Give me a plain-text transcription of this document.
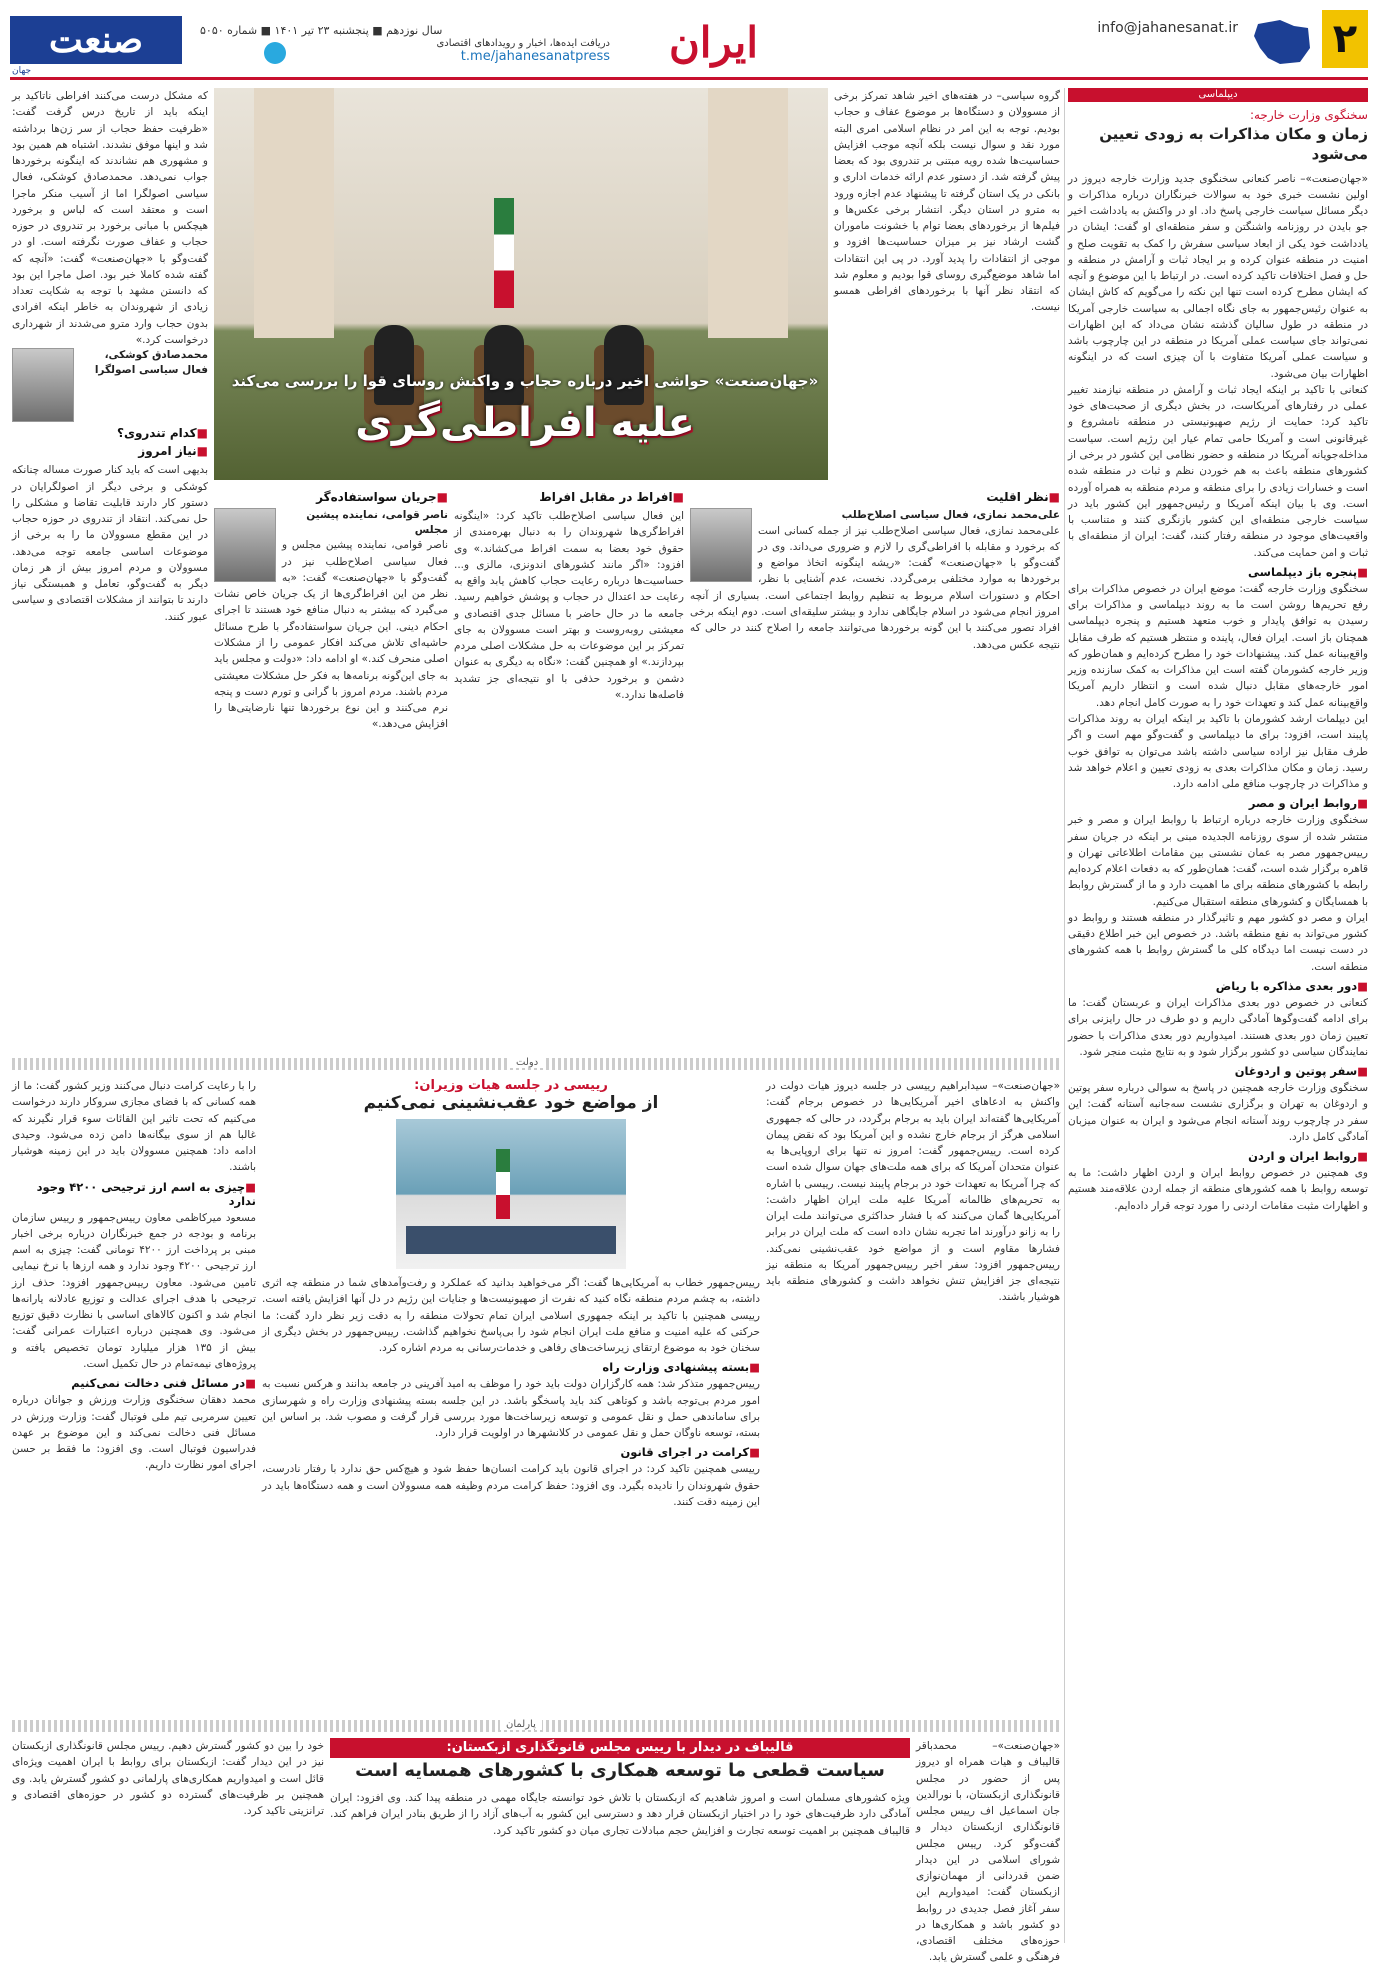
۲
info@jahanesanat.ir
ایران
دریافت ایده‌ها، اخبار و رویدادهای اقتصادی
t.me/jahanesanatpress
سال نوزدهم ■ پنجشنبه ۲۳ تیر ۱۴۰۱ ■ شماره ۵۰۵۰
صنعت
جهان
دیپلماسی
سخنگوی وزارت خارجه:
زمان و مکان مذاکرات به زودی تعیین می‌شود

«جهان‌صنعت»– ناصر کنعانی سخنگوی جدید وزارت خارجه دیروز در اولین نشست خبری خود به سوالات خبرنگاران درباره مذاکرات و دیگر مسائل سیاست خارجی پاسخ داد. او در واکنش به یادداشت اخیر جو بایدن در روزنامه واشنگتن و سفر منطقه‌ای او گفت: ایشان در یادداشت خود یکی از ابعاد سیاسی سفرش را کمک به تقویت صلح و امنیت در منطقه عنوان کرده و بر ایجاد ثبات و آرامش در منطقه و حل و فصل اختلافات تاکید کرده است. در ارتباط با این موضوع و آنچه که ایشان مطرح کرده است تنها این نکته را می‌گویم که کاش ایشان به عنوان رئیس‌جمهور به جای نگاه اجمالی به سیاست خارجی آمریکا در منطقه در طول سالیان گذشته نشان می‌داد که این اظهارات نمی‌تواند جای سیاست عملی آمریکا در منطقه در این چارچوب باشد و سیاست عملی آمریکا متفاوت با آن چیزی است که در اینگونه اظهارات بیان می‌شود.

کنعانی با تاکید بر اینکه ایجاد ثبات و آرامش در منطقه نیازمند تغییر عملی در رفتارهای آمریکاست، در بخش دیگری از صحبت‌های خود تاکید کرد: حمایت از رژیم صهیونیستی در منطقه نامشروع و غیرقانونی است و آمریکا حامی تمام عیار این رژیم است. سیاست مداخله‌جویانه آمریکا در منطقه و حضور نظامی این کشور در برخی از کشورهای منطقه باعث به هم خوردن نظم و ثبات در منطقه شده است و خسارات زیادی را برای منطقه و مردم منطقه به همراه آورده است. وی با بیان اینکه آمریکا و رئیس‌جمهور این کشور باید در سیاست خارجی منطقه‌ای این کشور بازنگری کنند و متناسب با واقعیت‌های موجود در منطقه رفتار کنند، گفت: ایران از منطقه‌ای با ثبات و امن حمایت می‌کند.

■ پنجره باز دیپلماسی

سخنگوی وزارت خارجه گفت: موضع ایران در خصوص مذاکرات برای رفع تحریم‌ها روشن است ما به روند دیپلماسی و مذاکرات برای رسیدن به توافق پایدار و خوب متعهد هستیم و پنجره دیپلماسی همچنان باز است. ایران فعال، پاینده و منتظر هستیم که طرف مقابل واقع‌بینانه عمل کند. پیشنهادات خود را مطرح کرده‌ایم و همان‌طور که وزیر خارجه کشورمان گفته است این مذاکرات به کمک سازنده وزیر امور خارجه‌های مقابل دنبال شده است و انتظار داریم آمریکا واقع‌بینانه عمل کند و تعهدات خود را به صورت کامل انجام دهد.

این دیپلمات ارشد کشورمان با تاکید بر اینکه ایران به روند مذاکرات پایبند است، افزود: برای ما دیپلماسی و گفت‌وگو مهم است و اگر طرف مقابل نیز اراده سیاسی داشته باشد می‌توان به توافق خوب رسید. زمان و مکان مذاکرات بعدی به زودی تعیین و اعلام خواهد شد و مذاکرات در چارچوب منافع ملی ادامه دارد.

■ روابط ایران و مصر

سخنگوی وزارت خارجه درباره ارتباط با روابط ایران و مصر و خبر منتشر شده از سوی روزنامه الجدیده مبنی بر اینکه در جریان سفر رییس‌جمهور مصر به عمان نشستی بین مقامات اطلاعاتی تهران و قاهره برگزار شده است، گفت: همان‌طور که به دفعات اعلام کرده‌ایم رابطه با کشورهای منطقه برای ما اهمیت دارد و ما از گسترش روابط با همسایگان و کشورهای منطقه استقبال می‌کنیم.

ایران و مصر دو کشور مهم و تاثیرگذار در منطقه هستند و روابط دو کشور می‌تواند به نفع منطقه باشد. در خصوص این خبر اطلاع دقیقی در دست نیست اما دیدگاه کلی ما گسترش روابط با همه کشورهای منطقه است.

■ دور بعدی مذاکره با ریاض

کنعانی در خصوص دور بعدی مذاکرات ایران و عربستان گفت: ما برای ادامه گفت‌وگوها آمادگی داریم و دو طرف در حال رایزنی برای تعیین زمان دور بعدی هستند. امیدواریم دور بعدی مذاکرات با حضور نمایندگان سیاسی دو کشور برگزار شود و به نتایج مثبت منجر شود.

■ سفر پوتین و اردوغان

سخنگوی وزارت خارجه همچنین در پاسخ به سوالی درباره سفر پوتین و اردوغان به تهران و برگزاری نشست سه‌جانبه آستانه گفت: این سفر در چارچوب روند آستانه انجام می‌شود و ایران به عنوان میزبان آمادگی کامل دارد.

■ روابط ایران و اردن

وی همچنین در خصوص روابط ایران و اردن اظهار داشت: ما به توسعه روابط با همه کشورهای منطقه از جمله اردن علاقه‌مند هستیم و اظهارات مثبت مقامات اردنی را مورد توجه قرار داده‌ایم.

گروه سیاسی– در هفته‌های اخیر شاهد تمرکز برخی از مسوولان و دستگاه‌ها بر موضوع عفاف و حجاب بودیم. توجه به این امر در نظام اسلامی امری البته مورد نقد و سوال نیست بلکه آنچه موجب افزایش حساسیت‌ها شده رویه مبتنی بر تندروی بود که بعضا پیش گرفته شد. از دستور عدم ارائه خدمات اداری و بانکی در یک استان گرفته تا پیشنهاد عدم اجازه ورود به مترو در استان دیگر. انتشار برخی عکس‌ها و فیلم‌ها از برخوردهای بعضا توام با خشونت ماموران گشت ارشاد نیز بر میزان حساسیت‌ها افزود و موجی از انتقادات را پدید آورد. در پی این انتقادات اما شاهد موضع‌گیری روسای قوا بودیم و معلوم شد که انتقاد نظر آنها با برخوردهای افراطی همسو نیست.

«جهان‌صنعت» حواشی اخیر درباره حجاب و واکنش روسای قوا را بررسی می‌کند
علیه افراطی‌گری

که مشکل درست می‌کنند افراطی ناتاکید بر اینکه باید از تاریخ درس گرفت گفت: «ظرفیت حفظ حجاب از سر زن‌ها برداشته شد و اینها موفق نشدند. اشتباه هم همین بود و مشهوری هم نشاندند که اینگونه برخوردها جواب نمی‌دهد. محمدصادق کوشکی، فعال سیاسی اصولگرا اما از آسیب منکر ماجرا است و معتقد است که لباس و برخورد هیچکس با مبانی برخورد بر تندروی در حوزه حجاب و عفاف صورت نگرفته است. او در گفت‌وگو با «جهان‌صنعت» گفت: «آنچه که گفته شده کاملا خبر بود. اصل ماجرا این بود که دانستن مشهد با توجه به شکایت تعداد زیادی از شهروندان به خاطر اینکه افرادی بدون حجاب وارد مترو می‌شدند از شهرداری درخواست کرد.»

محمدصادق کوشکی، فعال سیاسی اصولگرا
■ کدام تندروی؟
■ نیاز امروز

بدیهی است که باید کنار صورت مساله چنانکه کوشکی و برخی دیگر از اصولگرایان در دستور کار دارند قابلیت تقاضا و مشکلی را حل نمی‌کند. انتقاد از تندروی در حوزه حجاب در این مقطع مسوولان ما را به برخی از موضوعات اساسی جامعه توجه می‌دهد. مسوولان و مردم امروز بیش از هر زمان دیگر به گفت‌وگو، تعامل و همبستگی نیاز دارند تا بتوانند از مشکلات اقتصادی و سیاسی عبور کنند.

■ نظر اقلیت
علی‌محمد نمازی، فعال سیاسی اصلاح‌طلب

علی‌محمد نمازی، فعال سیاسی اصلاح‌طلب نیز از جمله کسانی است که برخورد و مقابله با افراطی‌گری را لازم و ضروری می‌داند. وی در گفت‌وگو با «جهان‌صنعت» گفت: «ریشه اینگونه اتخاذ مواضع و برخوردها به موارد مختلفی برمی‌گردد. نخست، عدم آشنایی با نظر، احکام و دستورات اسلام مربوط به تنظیم روابط اجتماعی است. بسیاری از آنچه امروز انجام می‌شود در اسلام جایگاهی ندارد و بیشتر سلیقه‌ای است. دوم اینکه برخی افراد تصور می‌کنند با این گونه برخوردها می‌توانند جامعه را اصلاح کنند در حالی که نتیجه عکس می‌دهد.

■ افراط در مقابل افراط

این فعال سیاسی اصلاح‌طلب تاکید کرد: «اینگونه افراط‌گری‌ها شهروندان را به دنبال بهره‌مندی از حقوق خود بعضا به سمت افراط می‌کشاند.» وی افزود: «اگر مانند کشورهای اندونزی، مالزی و... حساسیت‌ها درباره رعایت حجاب کاهش یابد واقع به رعایت حد اعتدال در حجاب و پوشش خواهیم رسید. جامعه ما در حال حاضر با مسائل جدی اقتصادی و معیشتی روبه‌روست و بهتر است مسوولان به جای تمرکز بر این موضوعات به حل مشکلات اصلی مردم بپردازند.» او همچنین گفت: «نگاه به دیگری به عنوان دشمن و برخورد حذفی با او نتیجه‌ای جز تشدید فاصله‌ها ندارد.»

■ جریان سواستفاده‌گر
ناصر قوامی، نماینده پیشین مجلس

ناصر قوامی، نماینده پیشین مجلس و فعال سیاسی اصلاح‌طلب نیز در گفت‌وگو با «جهان‌صنعت» گفت: «به نظر من این افراط‌گری‌ها از یک جریان خاص نشات می‌گیرد که بیشتر به دنبال منافع خود هستند تا اجرای احکام دینی. این جریان سواستفاده‌گر با طرح مسائل حاشیه‌ای تلاش می‌کند افکار عمومی را از مشکلات اصلی منحرف کند.» او ادامه داد: «دولت و مجلس باید به جای این‌گونه برنامه‌ها به فکر حل مشکلات معیشتی مردم باشند. مردم امروز با گرانی و تورم دست و پنجه نرم می‌کنند و این نوع برخوردها تنها نارضایتی‌ها را افزایش می‌دهد.»

دولت

«جهان‌صنعت»– سیدابراهیم رییسی در جلسه دیروز هیات دولت در واکنش به ادعاهای اخیر آمریکایی‌ها در خصوص برجام گفت: آمریکایی‌ها گفته‌اند ایران باید به برجام برگردد، در حالی که جمهوری اسلامی هرگز از برجام خارج نشده و این آمریکا بود که نقض پیمان کرده است. رییس‌جمهور گفت: امروز نه تنها برای اروپایی‌ها به عنوان متحدان آمریکا که برای همه ملت‌های جهان سوال شده است که چرا آمریکا به تعهدات خود در برجام پایبند نیست. رییسی با اشاره به تحریم‌های ظالمانه آمریکا علیه ملت ایران اظهار داشت: آمریکایی‌ها گمان می‌کنند که با فشار حداکثری می‌توانند ملت ایران را به زانو درآورند اما تجربه نشان داده است که ملت ایران در برابر فشارها مقاوم است و از مواضع خود عقب‌نشینی نمی‌کند. رییس‌جمهور افزود: سفر اخیر رییس‌جمهور آمریکا به منطقه نیز نتیجه‌ای جز افزایش تنش نخواهد داشت و کشورهای منطقه باید هوشیار باشند.

رییسی در جلسه هیات وزیران:
از مواضع خود عقب‌نشینی نمی‌کنیم

رییس‌جمهور خطاب به آمریکایی‌ها گفت: اگر می‌خواهید بدانید که عملکرد و رفت‌وآمدهای شما در منطقه چه اثری داشته، به چشم مردم منطقه نگاه کنید که نفرت از صهیونیست‌ها و جنایات این رژیم در دل آنها افزایش یافته است. رییسی همچنین با تاکید بر اینکه جمهوری اسلامی ایران تمام تحولات منطقه را به دقت زیر نظر دارد گفت: ما حرکتی که علیه امنیت و منافع ملت ایران انجام شود را بی‌پاسخ نخواهیم گذاشت. رییس‌جمهور در بخش دیگری از سخنان خود به موضوع ارتقای زیرساخت‌های رفاهی و خدمات‌رسانی به مردم اشاره کرد.

■ بسته پیشنهادی وزارت راه

رییس‌جمهور متذکر شد: همه کارگزاران دولت باید خود را موظف به امید آفرینی در جامعه بدانند و هرکس نسبت به امور مردم بی‌توجه باشد و کوتاهی کند باید پاسخگو باشد. در این جلسه بسته پیشنهادی وزارت راه و شهرسازی برای ساماندهی حمل و نقل عمومی و توسعه زیرساخت‌ها مورد بررسی قرار گرفت و مصوب شد. بر اساس این بسته، توسعه ناوگان حمل و نقل عمومی در کلانشهرها در اولویت قرار دارد.

■ کرامت در اجرای قانون

رییسی همچنین تاکید کرد: در اجرای قانون باید کرامت انسان‌ها حفظ شود و هیچ‌کس حق ندارد با رفتار نادرست، حقوق شهروندان را نادیده بگیرد. وی افزود: حفظ کرامت مردم وظیفه همه مسوولان است و همه دستگاه‌ها باید در این زمینه دقت کنند.

را با رعایت کرامت دنبال می‌کنند وزیر کشور گفت: ما از همه کسانی که با فضای مجازی سروکار دارند درخواست می‌کنیم که تحت تاثیر این القائات سوء قرار نگیرند که غالبا هم از سوی بیگانه‌ها دامن زده می‌شود. وحیدی ادامه داد: همچنین مسوولان باید در این زمینه هوشیار باشند.

■ چیزی به اسم ارز ترجیحی ۴۲۰۰ وجود ندارد

مسعود میر‌کاظمی معاون رییس‌جمهور و رییس سازمان برنامه و بودجه در جمع خبرنگاران درباره برخی اخبار مبنی بر پرداخت ارز ۴۲۰۰ تومانی گفت: چیزی به اسم ارز ترجیحی ۴۲۰۰ وجود ندارد و همه ارزها با نرخ نیمایی تامین می‌شود. معاون رییس‌جمهور افزود: حذف ارز ترجیحی با هدف اجرای عدالت و توزیع عادلانه یارانه‌ها انجام شد و اکنون کالاهای اساسی با نظارت دقیق توزیع می‌شود. وی همچنین درباره اعتبارات عمرانی گفت: بیش از ۱۳۵ هزار میلیارد تومان تخصیص یافته و پروژه‌های نیمه‌تمام در حال تکمیل است.

■ در مسائل فنی دخالت نمی‌کنیم

محمد دهقان سخنگوی وزارت ورزش و جوانان درباره تعیین سرمربی تیم ملی فوتبال گفت: وزارت ورزش در مسائل فنی دخالت نمی‌کند و این موضوع بر عهده فدراسیون فوتبال است. وی افزود: ما فقط بر حسن اجرای امور نظارت داریم.

پارلمان
قالیباف در دیدار با رییس مجلس قانونگذاری ازبکستان:
سیاست قطعی ما توسعه همکاری با کشورهای همسایه است

«جهان‌صنعت»– محمدباقر قالیباف و هیات همراه او دیروز پس از حضور در مجلس قانونگذاری ازبکستان، با نورالدین جان اسماعیل اف رییس مجلس قانونگذاری ازبکستان دیدار و گفت‌وگو کرد. رییس مجلس شورای اسلامی در این دیدار ضمن قدردانی از مهمان‌نوازی ازبکستان گفت: امیدواریم این سفر آغاز فصل جدیدی در روابط دو کشور باشد و همکاری‌ها در حوزه‌های مختلف اقتصادی، فرهنگی و علمی گسترش یابد.

ویژه کشورهای مسلمان است و امروز شاهدیم که ازبکستان با تلاش خود توانسته جایگاه مهمی در منطقه پیدا کند. وی افزود: ایران آمادگی دارد ظرفیت‌های خود را در اختیار ازبکستان قرار دهد و دسترسی این کشور به آب‌های آزاد را از طریق بنادر ایران فراهم کند. قالیباف همچنین بر اهمیت توسعه تجارت و افزایش حجم مبادلات تجاری میان دو کشور تاکید کرد.

خود را بین دو کشور گسترش دهیم. رییس مجلس قانونگذاری ازبکستان نیز در این دیدار گفت: ازبکستان برای روابط با ایران اهمیت ویژه‌ای قائل است و امیدواریم همکاری‌های پارلمانی دو کشور گسترش یابد. وی همچنین بر ظرفیت‌های گسترده دو کشور در حوزه‌های اقتصادی و ترانزیتی تاکید کرد.
